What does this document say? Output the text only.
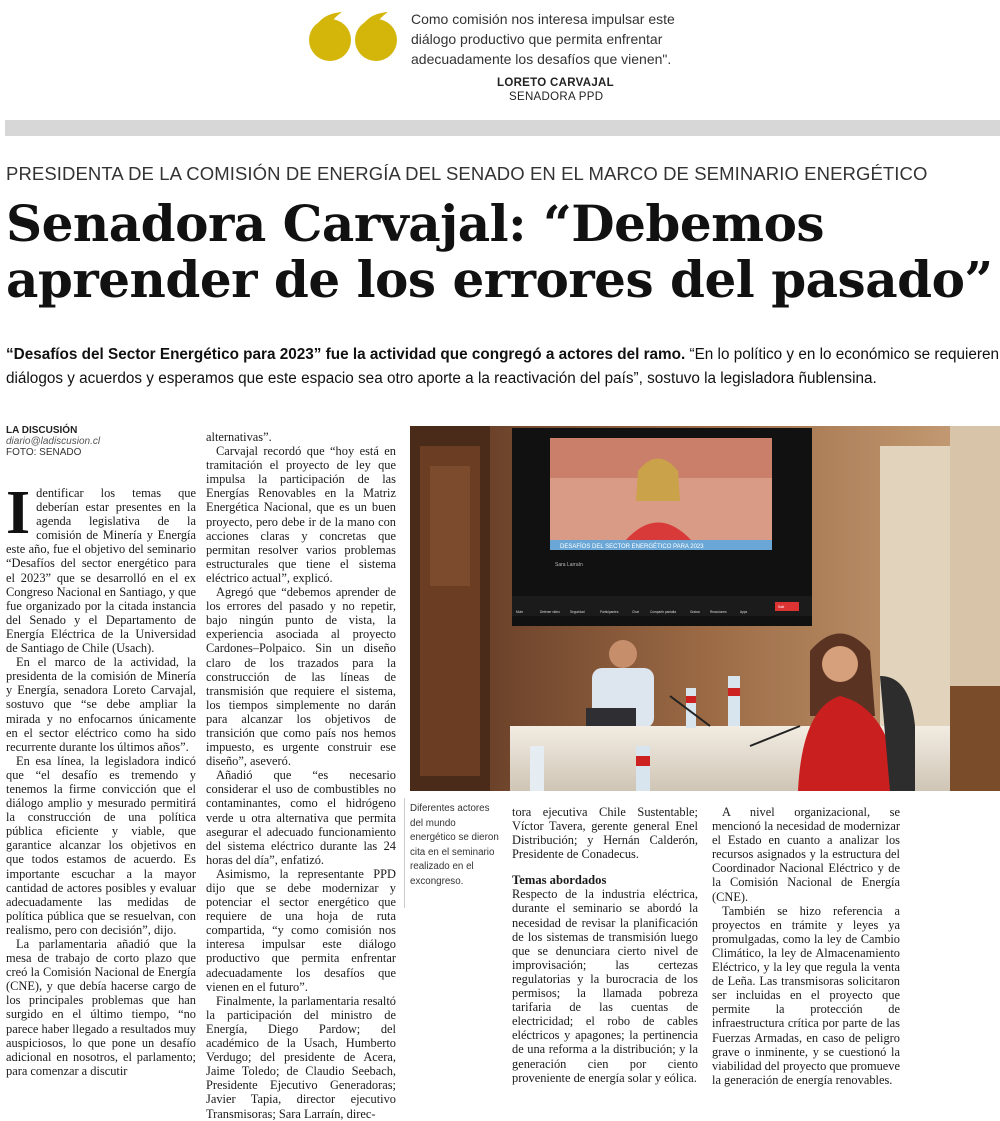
Como comisión nos interesa impulsar este diálogo productivo que permita enfrentar adecuadamente los desafíos que vienen".
LORETO CARVAJAL
SENADORA PPD
PRESIDENTA DE LA COMISIÓN DE ENERGÍA DEL SENADO EN EL MARCO DE SEMINARIO ENERGÉTICO
Senadora Carvajal: “Debemos
aprender de los errores del pasado”
“Desafíos del Sector Energético para 2023” fue la actividad que congregó a actores del ramo. “En lo político y en lo económico se requieren diálogos y acuerdos y esperamos que este espacio sea otro aporte a la reactivación del país”, sostuvo la legisladora ñublensina.
LA DISCUSIÓN
diario@ladiscusion.cl
FOTO: SENADO

Identificar los temas que deberían estar presentes en la agenda legislativa de la comisión de Minería y Energía este año, fue el objetivo del seminario “Desafíos del sector energético para el 2023” que se desarrolló en el ex Congreso Nacional en Santiago, y que fue organizado por la citada instancia del Senado y el Departamento de Energía Eléctrica de la Universidad de Santiago de Chile (Usach).

En el marco de la actividad, la presidenta de la comisión de Minería y Energía, senadora Loreto Carvajal, sostuvo que “se debe ampliar la mirada y no enfocarnos únicamente en el sector eléctrico como ha sido recurrente durante los últimos años”.

En esa línea, la legisladora indicó que “el desafío es tremendo y tenemos la firme convicción que el diálogo amplio y mesurado permitirá la construcción de una política pública eficiente y viable, que garantice alcanzar los objetivos en que todos estamos de acuerdo. Es importante escuchar a la mayor cantidad de actores posibles y evaluar adecuadamente las medidas de política pública que se resuelvan, con realismo, pero con decisión”, dijo.

La parlamentaria añadió que la mesa de trabajo de corto plazo que creó la Comisión Nacional de Energía (CNE), y que debía hacerse cargo de los principales problemas que han surgido en el último tiempo, “no parece haber llegado a resultados muy auspiciosos, lo que pone un desafío adicional en nosotros, el parlamento; para comenzar a discutir

alternativas”.

Carvajal recordó que “hoy está en tramitación el proyecto de ley que impulsa la participación de las Energías Renovables en la Matriz Energética Nacional, que es un buen proyecto, pero debe ir de la mano con acciones claras y concretas que permitan resolver varios problemas estructurales que tiene el sistema eléctrico actual”, explicó.

Agregó que “debemos aprender de los errores del pasado y no repetir, bajo ningún punto de vista, la experiencia asociada al proyecto Cardones–Polpaico. Sin un diseño claro de los trazados para la construcción de las líneas de transmisión que requiere el sistema, los tiempos simplemente no darán para alcanzar los objetivos de transición que como país nos hemos impuesto, es urgente construir ese diseño”, aseveró.

Añadió que “es necesario considerar el uso de combustibles no contaminantes, como el hidrógeno verde u otra alternativa que permita asegurar el adecuado funcionamiento del sistema eléctrico durante las 24 horas del día”, enfatizó.

Asimismo, la representante PPD dijo que se debe modernizar y potenciar el sector energético que requiere de una hoja de ruta compartida, “y como comisión nos interesa impulsar este diálogo productivo que permita enfrentar adecuadamente los desafíos que vienen en el futuro”.

Finalmente, la parlamentaria resaltó la participación del ministro de Energía, Diego Pardow; del académico de la Usach, Humberto Verdugo; del presidente de Acera, Jaime Toledo; de Claudio Seebach, Presidente Ejecutivo Generadoras; Javier Tapia, director ejecutivo Transmisoras; Sara Larraín, direc-

DESAFÍOS DEL SECTOR ENERGÉTICO PARA 2023
Sara Larraín
Mute	Detener video	Seguridad	Participantes	Chat	Compartir pantalla	Grabar	Reacciones	Apps
Salir
Diferentes actores del mundo energético se dieron cita en el seminario realizado en el excongreso.

tora ejecutiva Chile Sustentable; Víctor Tavera, gerente general Enel Distribución; y Hernán Calderón, Presidente de Conadecus.

Temas abordados

Respecto de la industria eléctrica, durante el seminario se abordó la necesidad de revisar la planificación de los sistemas de transmisión luego que se denunciara cierto nivel de improvisación; las certezas regulatorias y la burocracia de los permisos; la llamada pobreza tarifaria de las cuentas de electricidad; el robo de cables eléctricos y apagones; la pertinencia de una reforma a la distribución; y la generación cien por ciento proveniente de energía solar y eólica.

A nivel organizacional, se mencionó la necesidad de modernizar el Estado en cuanto a analizar los recursos asignados y la estructura del Coordinador Nacional Eléctrico y de la Comisión Nacional de Energía (CNE).

También se hizo referencia a proyectos en trámite y leyes ya promulgadas, como la ley de Cambio Climático, la ley de Almacenamiento Eléctrico, y la ley que regula la venta de Leña. Las transmisoras solicitaron ser incluidas en el proyecto que permite la protección de infraestructura crítica por parte de las Fuerzas Armadas, en caso de peligro grave o inminente, y se cuestionó la viabilidad del proyecto que promueve la generación de energía renovables.
